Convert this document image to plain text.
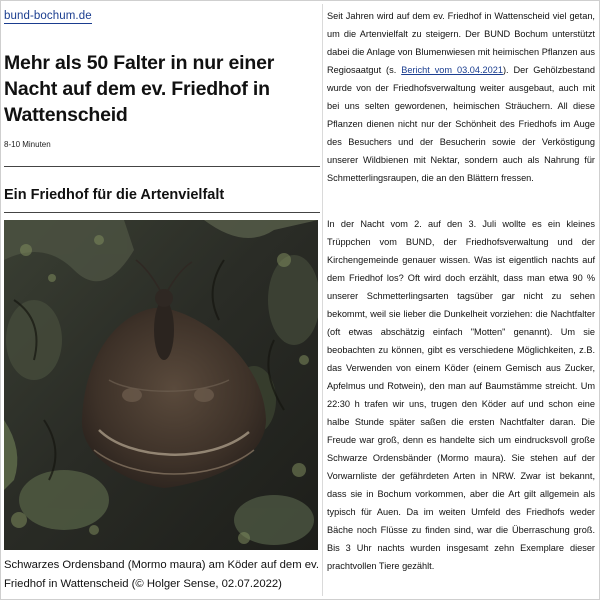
bund-bochum.de
Mehr als 50 Falter in nur einer Nacht auf dem ev. Friedhof in Wattenscheid
8-10 Minuten
Ein Friedhof für die Artenvielfalt

Schwarzes Ordensband (Mormo maura) am Köder auf dem ev. Friedhof in Wattenscheid (© Holger Sense, 02.07.2022)

Seit Jahren wird auf dem ev. Friedhof in Wattenscheid viel getan, um die Artenvielfalt zu steigern. Der BUND Bochum unterstützt dabei die Anlage von Blumenwiesen mit heimischen Pflanzen aus Regiosaatgut (s. Bericht vom 03.04.2021). Der Gehölzbestand wurde von der Friedhofsverwaltung weiter ausgebaut, auch mit bei uns selten gewordenen, heimischen Sträuchern. All diese Pflanzen dienen nicht nur der Schönheit des Friedhofs im Auge des Besuchers und der Besucherin sowie der Verköstigung unserer Wildbienen mit Nektar, sondern auch als Nahrung für Schmetterlingsraupen, die an den Blättern fressen.

In der Nacht vom 2. auf den 3. Juli wollte es ein kleines Trüppchen vom BUND, der Friedhofsverwaltung und der Kirchengemeinde genauer wissen. Was ist eigentlich nachts auf dem Friedhof los? Oft wird doch erzählt, dass man etwa 90 % unserer Schmetterlingsarten tagsüber gar nicht zu sehen bekommt, weil sie lieber die Dunkelheit vorziehen: die Nachtfalter (oft etwas abschätzig einfach "Motten" genannt). Um sie beobachten zu können, gibt es verschiedene Möglichkeiten, z.B. das Verwenden von einem Köder (einem Gemisch aus Zucker, Apfelmus und Rotwein), den man auf Baumstämme streicht. Um 22:30 h trafen wir uns, trugen den Köder auf und schon eine halbe Stunde später saßen die ersten Nachtfalter daran. Die Freude war groß, denn es handelte sich um eindrucksvoll große Schwarze Ordensbänder (Mormo maura). Sie stehen auf der Vorwarnliste der gefährdeten Arten in NRW. Zwar ist bekannt, dass sie in Bochum vorkommen, aber die Art gilt allgemein als typisch für Auen. Da im weiten Umfeld des Friedhofs weder Bäche noch Flüsse zu finden sind, war die Überraschung groß. Bis 3 Uhr nachts wurden insgesamt zehn Exemplare dieser prachtvollen Tiere gezählt.
